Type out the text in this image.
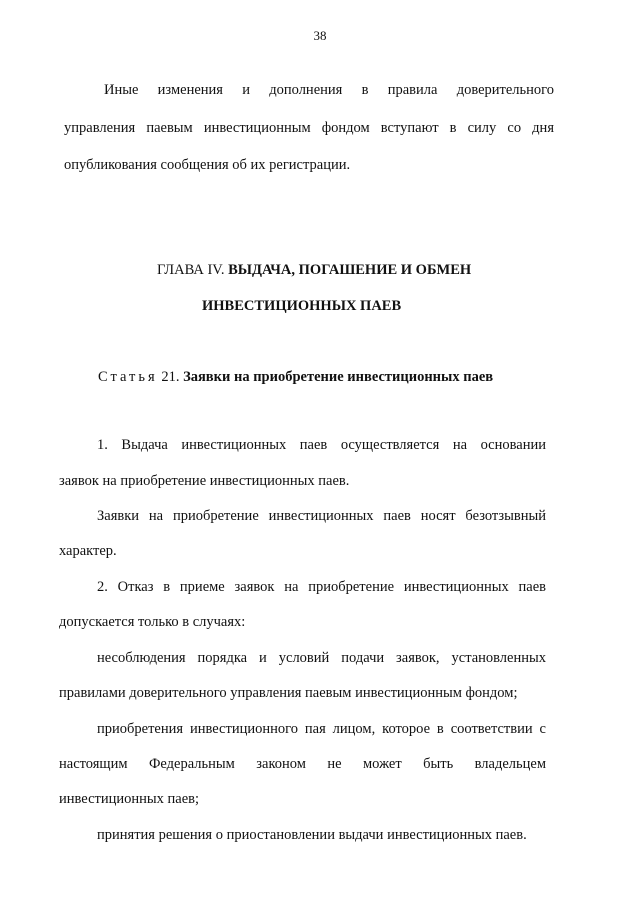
38
Иные изменения и дополнения в правила доверительного
управления паевым инвестиционным фондом вступают в силу со дня
опубликования сообщения об их регистрации.
ГЛАВА IV. ВЫДАЧА, ПОГАШЕНИЕ И ОБМЕН
ИНВЕСТИЦИОННЫХ ПАЕВ
Статья 21. Заявки на приобретение инвестиционных паев
1. Выдача инвестиционных паев осуществляется на основании
заявок на приобретение инвестиционных паев.
Заявки на приобретение инвестиционных паев носят безотзывный
характер.
2. Отказ в приеме заявок на приобретение инвестиционных паев
допускается только в случаях:
несоблюдения порядка и условий подачи заявок, установленных
правилами доверительного управления паевым инвестиционным фондом;
приобретения инвестиционного пая лицом, которое в соответствии с
настоящим Федеральным законом не может быть владельцем
инвестиционных паев;
принятия решения о приостановлении выдачи инвестиционных паев.
